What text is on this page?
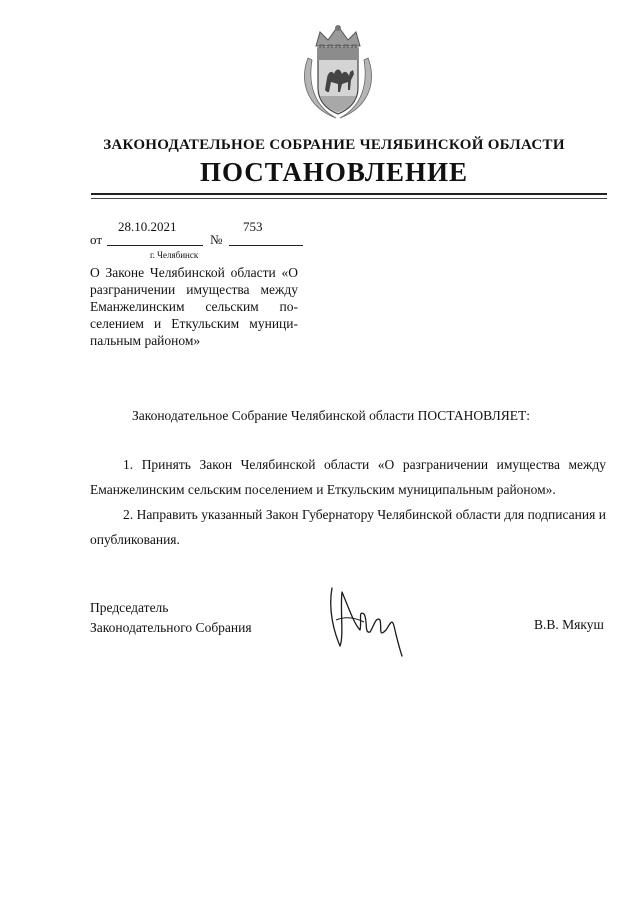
ЗАКОНОДАТЕЛЬНОЕ СОБРАНИЕ ЧЕЛЯБИНСКОЙ ОБЛАСТИ
ПОСТАНОВЛЕНИЕ
28.10.2021	753
от	№
г. Челябинск
О Законе Челябинской области «О разграничении имущества между Еманжелинским сельским поселением и Еткульским муниципальным районом»
Законодательное Собрание Челябинской области ПОСТАНОВЛЯЕТ:
1. Принять Закон Челябинской области «О разграничении имущества между Еманжелинским сельским поселением и Еткульским муниципальным районом».
2. Направить указанный Закон Губернатору Челябинской области для подписания и опубликования.
Председатель
Законодательного Собрания	В.В. Мякуш
